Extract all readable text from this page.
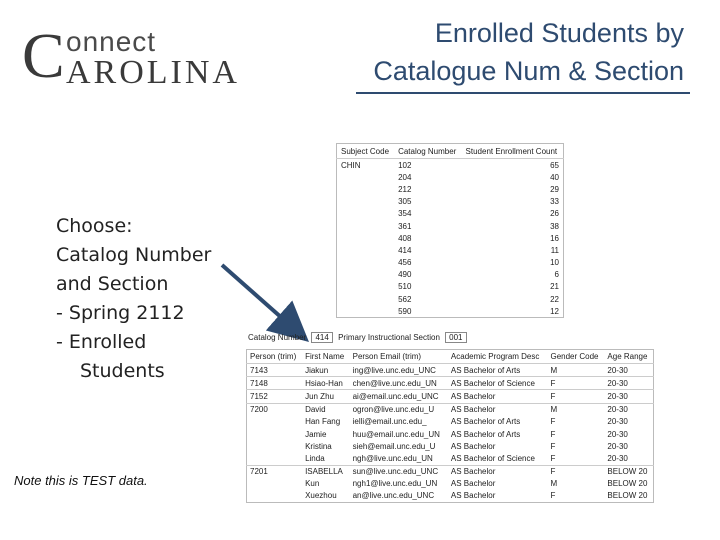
C onnect
AROLINA
Enrolled Students by
Catalogue Num & Section
Choose:
Catalog Number
and Section
- Spring 2112
- Enrolled
Students
Note this is TEST data.
Subject Code	Catalog Number	Student Enrollment Count
CHIN	102	65
	204	40
	212	29
	305	33
	354	26
	361	38
	408	16
	414	11
	456	10
	490	6
	510	21
	562	22
	590	12
Catalog Number 414 Primary Instructional Section 001
Person (trim)	First Name	Person Email (trim)	Academic Program Desc	Gender Code	Age Range
7143	Jiakun	ing@live.unc.edu_UNC	AS Bachelor of Arts	M	20-30
7148	Hsiao-Han	chen@live.unc.edu_UN	AS Bachelor of Science	F	20-30
7152	Jun Zhu	ai@email.unc.edu_UNC	AS Bachelor	F	20-30
7200	David	ogron@live.unc.edu_U	AS Bachelor	M	20-30
	Han Fang	ielli@email.unc.edu_	AS Bachelor of Arts	F	20-30
	Jamie	huu@email.unc.edu_UN	AS Bachelor of Arts	F	20-30
	Kristina	sieh@email.unc.edu_U	AS Bachelor	F	20-30
	Linda	ngh@live.unc.edu_UN	AS Bachelor of Science	F	20-30
7201	ISABELLA	sun@live.unc.edu_UNC	AS Bachelor	F	BELOW 20
	Kun	ngh1@live.unc.edu_UN	AS Bachelor	M	BELOW 20
	Xuezhou	an@live.unc.edu_UNC	AS Bachelor	F	BELOW 20
